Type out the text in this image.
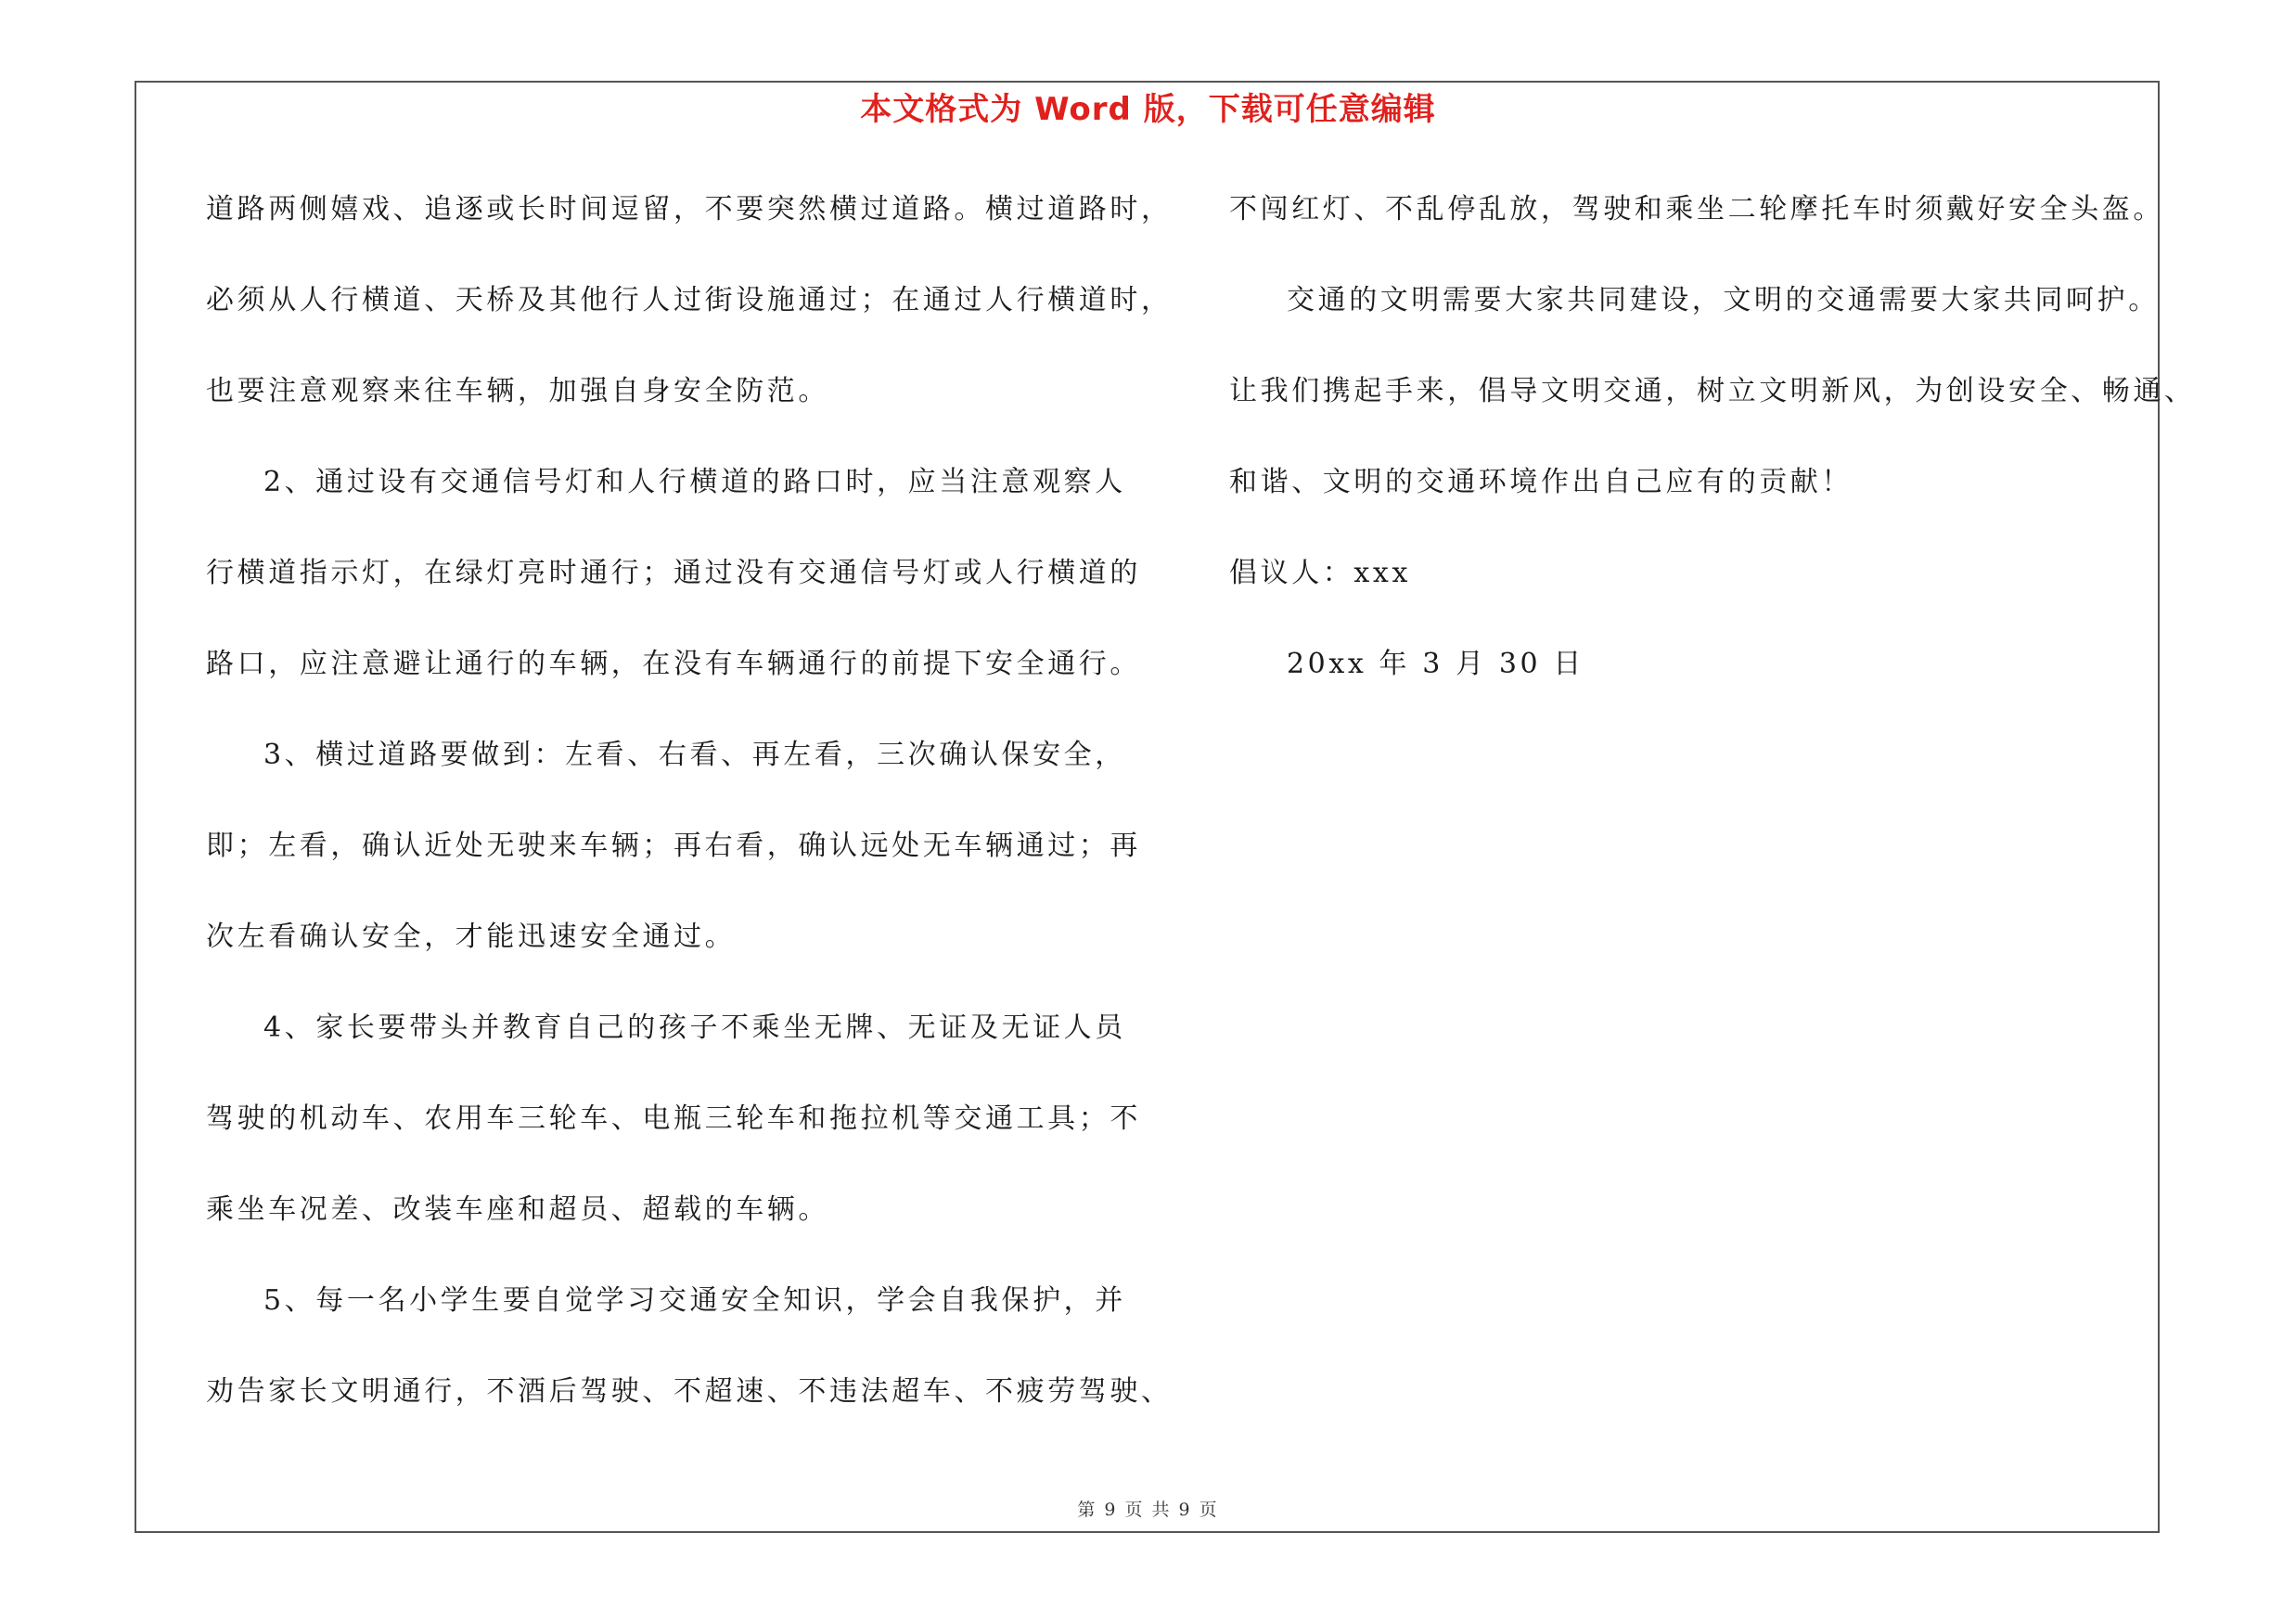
本文格式为 Word 版，下载可任意编辑
道路两侧嬉戏、追逐或长时间逗留，不要突然横过道路。横过道路时，
必须从人行横道、天桥及其他行人过街设施通过；在通过人行横道时，
也要注意观察来往车辆，加强自身安全防范。
2、通过设有交通信号灯和人行横道的路口时，应当注意观察人
行横道指示灯，在绿灯亮时通行；通过没有交通信号灯或人行横道的
路口，应注意避让通行的车辆，在没有车辆通行的前提下安全通行。
3、横过道路要做到：左看、右看、再左看，三次确认保安全，
即；左看，确认近处无驶来车辆；再右看，确认远处无车辆通过；再
次左看确认安全，才能迅速安全通过。
4、家长要带头并教育自己的孩子不乘坐无牌、无证及无证人员
驾驶的机动车、农用车三轮车、电瓶三轮车和拖拉机等交通工具；不
乘坐车况差、改装车座和超员、超载的车辆。
5、每一名小学生要自觉学习交通安全知识，学会自我保护，并
劝告家长文明通行，不酒后驾驶、不超速、不违法超车、不疲劳驾驶、
不闯红灯、不乱停乱放，驾驶和乘坐二轮摩托车时须戴好安全头盔。
交通的文明需要大家共同建设，文明的交通需要大家共同呵护。
让我们携起手来，倡导文明交通，树立文明新风，为创设安全、畅通、
和谐、文明的交通环境作出自己应有的贡献！
倡议人：xxx
20xx 年 3 月 30 日
第 9 页 共 9 页
